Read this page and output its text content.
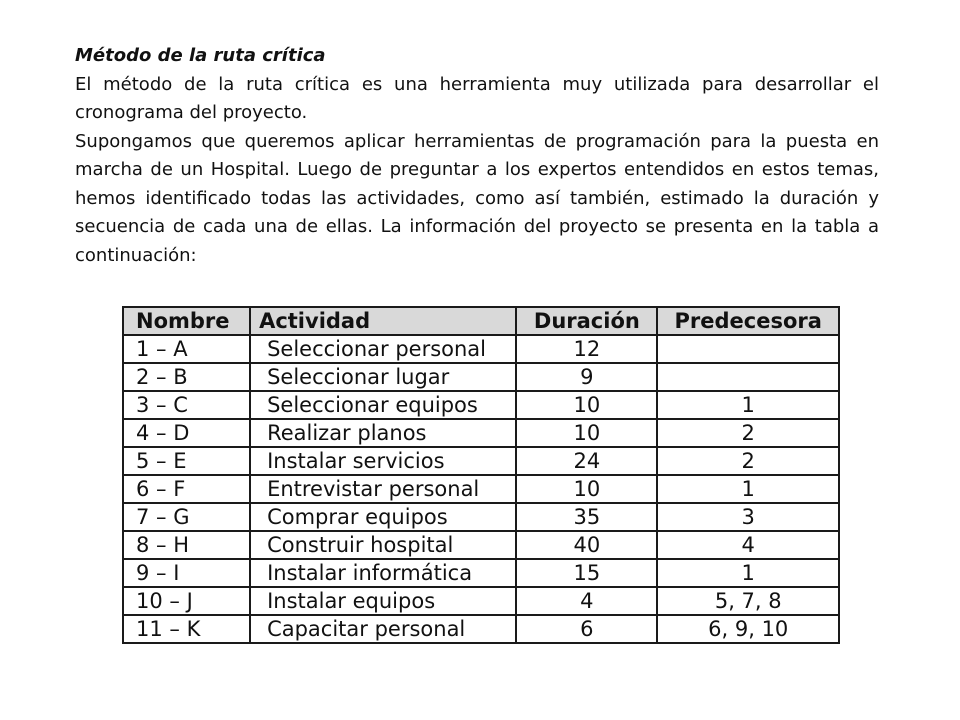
Método de la ruta crítica

El método de la ruta crítica es una herramienta muy utilizada para desarrollar el cronograma del proyecto.

Supongamos que queremos aplicar herramientas de programación para la puesta en marcha de un Hospital. Luego de preguntar a los expertos entendidos en estos temas, hemos identificado todas las actividades, como así también, estimado la duración y secuencia de cada una de ellas. La información del proyecto se presenta en la tabla a continuación:

Nombre	Actividad	Duración	Predecesora
1 – A	Seleccionar personal	12	
2 – B	Seleccionar lugar	9	
3 – C	Seleccionar equipos	10	1
4 – D	Realizar planos	10	2
5 – E	Instalar servicios	24	2
6 – F	Entrevistar personal	10	1
7 – G	Comprar equipos	35	3
8 – H	Construir hospital	40	4
9 – I	Instalar informática	15	1
10 – J	Instalar equipos	4	5, 7, 8
11 – K	Capacitar personal	6	6, 9, 10
